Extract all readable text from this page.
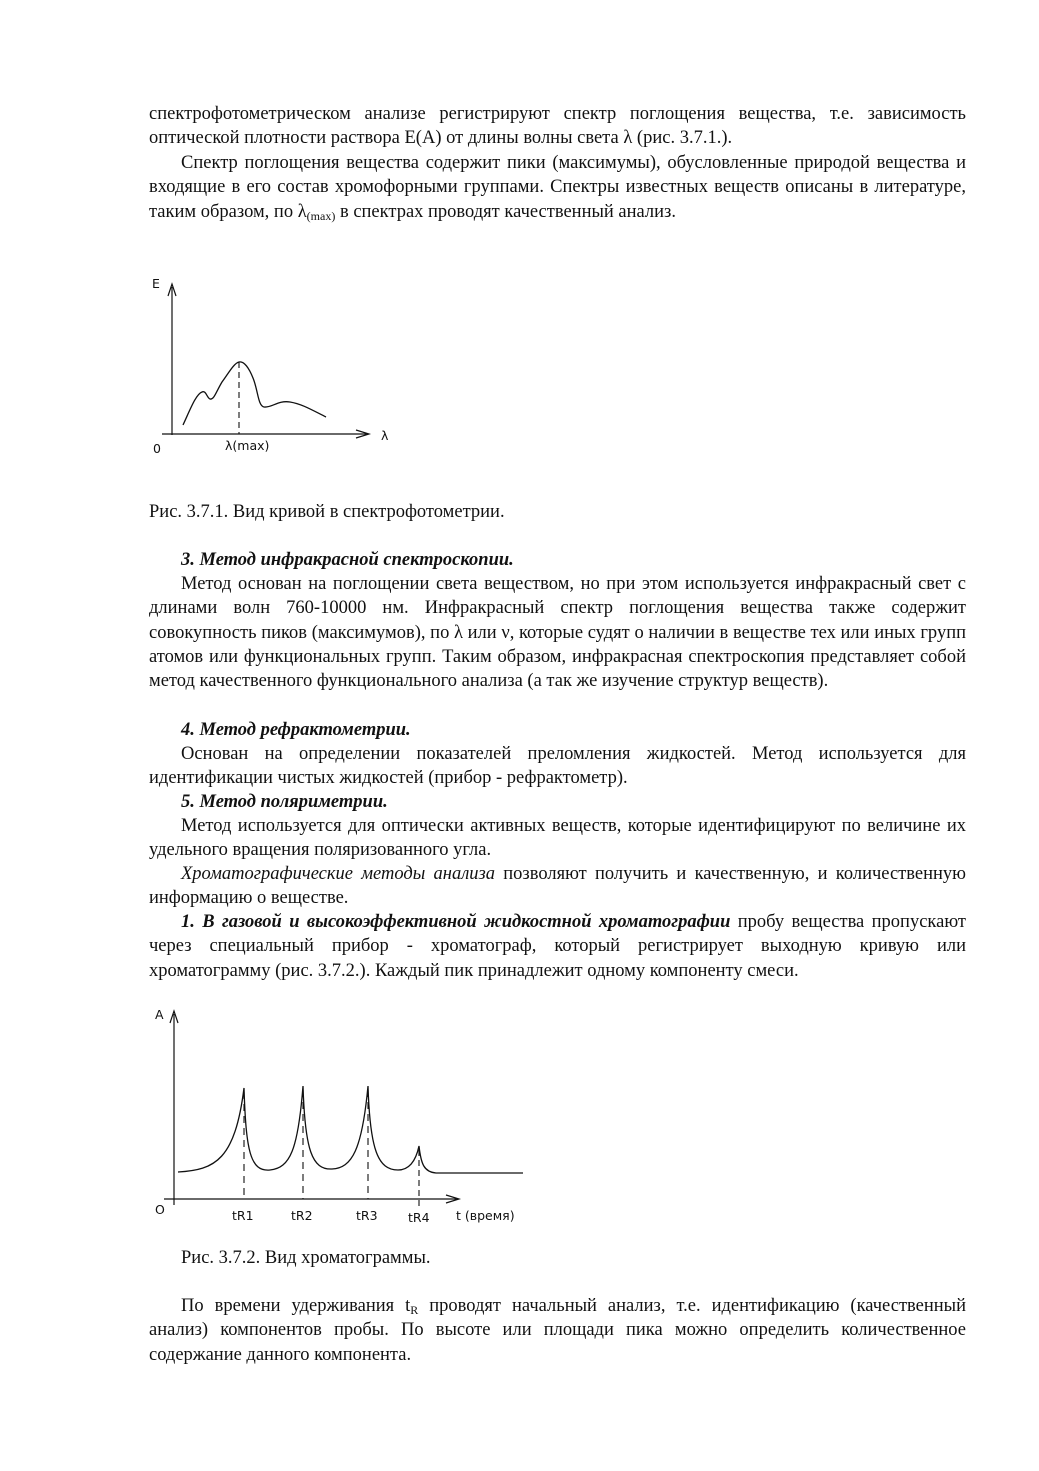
спектрофотометрическом анализе регистрируют спектр поглощения вещества, т.е. зависимость оптической плотности раствора Е(А) от длины волны света λ (рис. 3.7.1.).

Спектр поглощения вещества содержит пики (максимумы), обусловленные природой вещества и входящие в его состав хромофорными группами. Спектры известных веществ описаны в литературе, таким образом, по $\lambda_{(max)}$ в спектрах проводят качественный анализ.

E
0	λ(max)
λ

Рис. 3.7.1. Вид кривой в спектрофотометрии.

3. Метод инфракрасной спектроскопии.

Метод основан на поглощении света веществом, но при этом используется инфракрасный свет с длинами волн 760-10000 нм. Инфракрасный спектр поглощения вещества также содержит совокупность пиков (максимумов), по λ или ν, которые судят о наличии в веществе тех или иных групп атомов или функциональных групп. Таким образом, инфракрасная спектроскопия представляет собой метод качественного функционального анализа (а так же изучение структур веществ).

4. Метод рефрактометрии.

Основан на определении показателей преломления жидкостей. Метод используется для идентификации чистых жидкостей (прибор - рефрактометр).

5. Метод поляриметрии.

Метод используется для оптически активных веществ, которые идентифицируют по величине их удельного вращения поляризованного угла.

Хроматографические методы анализа позволяют получить и качественную, и количественную информацию о веществе.

1. В газовой и высокоэффективной жидкостной хроматографии пробу вещества пропускают через специальный прибор - хроматограф, который регистрирует выходную кривую или хроматограмму (рис. 3.7.2.). Каждый пик принадлежит одному компоненту смеси.

A
O	tR1	tR2	tR3 tR4 t (время)

Рис. 3.7.2. Вид хроматограммы.

По времени удерживания $t_R$ проводят начальный анализ, т.е. идентификацию (качественный анализ) компонентов пробы. По высоте или площади пика можно определить количественное содержание данного компонента.
